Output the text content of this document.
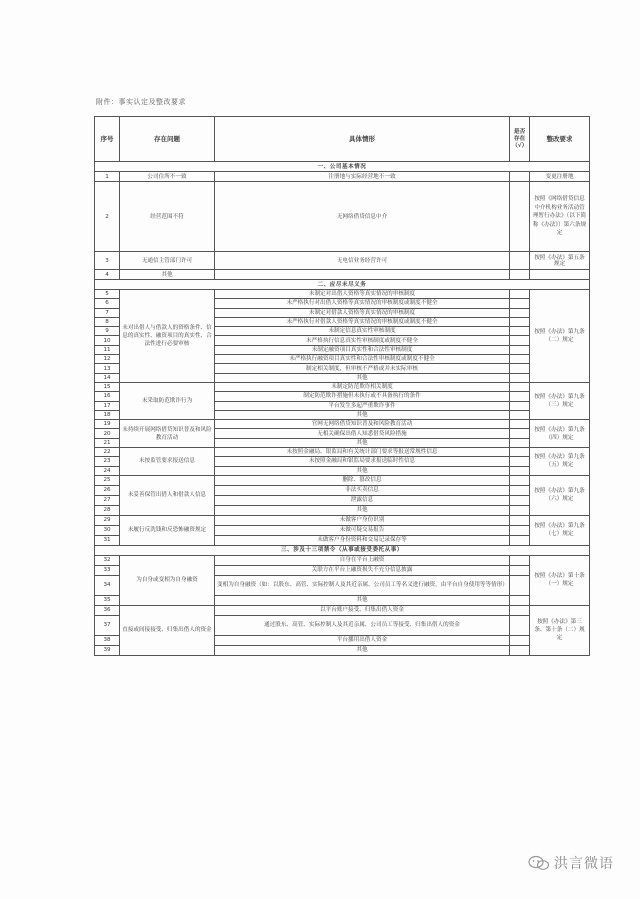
附件：事实认定及整改要求
序号	存在问题	具体情形	是否存在（√）	整改要求
一、公司基本情况				
1	公司住所不一致	注册地与实际经营地不一致		变更注册地
2	经营范围不符	无网络借贷信息中介		按照《网络借贷信息中介机构业务活动管理暂行办法》（以下简称《办法》）第六条规定
3	无通信主管部门许可	无电信业务经营许可		按照《办法》第五条规定
4	其他			
二、应尽未尽义务				
5	未对出借人与借款人的资格条件、信息的真实性、融资项目的真实性、合法性进行必要审核	未制定对出借人资格等真实情况的审核制度		按照《办法》第九条（二）规定
6		未严格执行对出借人资格等真实情况的审核制度或制度不健全		
7		未制定对借款人资格等真实情况的审核制度		
8		未严格执行对借款人资格等真实情况的审核制度或制度不健全		
9		未制定信息真实性审核制度		
10		未严格执行信息真实性审核制度或制度不健全		
11		未制定融资项目真实性和合法性审核制度		
12		未严格执行融资项目真实性和合法性审核制度或制度不健全		
13		制定相关制度，但审核不严格或并未实际审核		
14		其他		
15	未采取防范欺诈行为	未制定防范欺诈相关制度		按照《办法》第九条（三）规定
16		制定防范欺诈措施但未执行或不具备执行的条件		
17		平台发生多起严重欺诈事件		
18		其他		
19	未持续开展网络借贷知识普及和风险教育活动	官网无网络借贷知识普及和风险教育活动		按照《办法》第九条（四）规定
20		无相关确保出借人知悉借贷风险措施		
21		其他		
22	未按监管要求报送信息	未按照金融局、银监局和有关统计部门要求等报送常规性信息		按照《办法》第九条（五）规定
23		未按照金融局和银监局要求报送临时性信息		
24		其他		
25	未妥善保管出借人和借款人信息	删除、篡改信息		按照《办法》第九条（六）规定
26		非法买卖信息		
27		泄露信息		
28		其他		
29	未履行反洗钱和反恐怖融资规定	未做客户身份识别		按照《办法》第九条（七）规定
30		未做可疑交易报告		
31		未做客户身份资料和交易记录保存等		
三、涉及十三项禁令（从事或接受委托从事）				
32	为自身或变相为自身融资	自身在平台上融资		按照《办法》第十条（一）规定
33		关联方在平台上融资损失不充分信息披露		
34		变相为自身融资（如：以股东、高管、实际控制人及其近亲属、公司员工等名义进行融资，由平台自身使用等等情形）		
35		其他		
36	直接或间接接受、归集出借人的资金	以平台账户接受、归集出借人资金		按照《办法》第三条、第十条（二）规定
37		通过股东、高管、实际控制人及其近亲属、公司员工等接受、归集出借人的资金		
38		平台挪用出借人资金		
39		其他		
洪言微语
